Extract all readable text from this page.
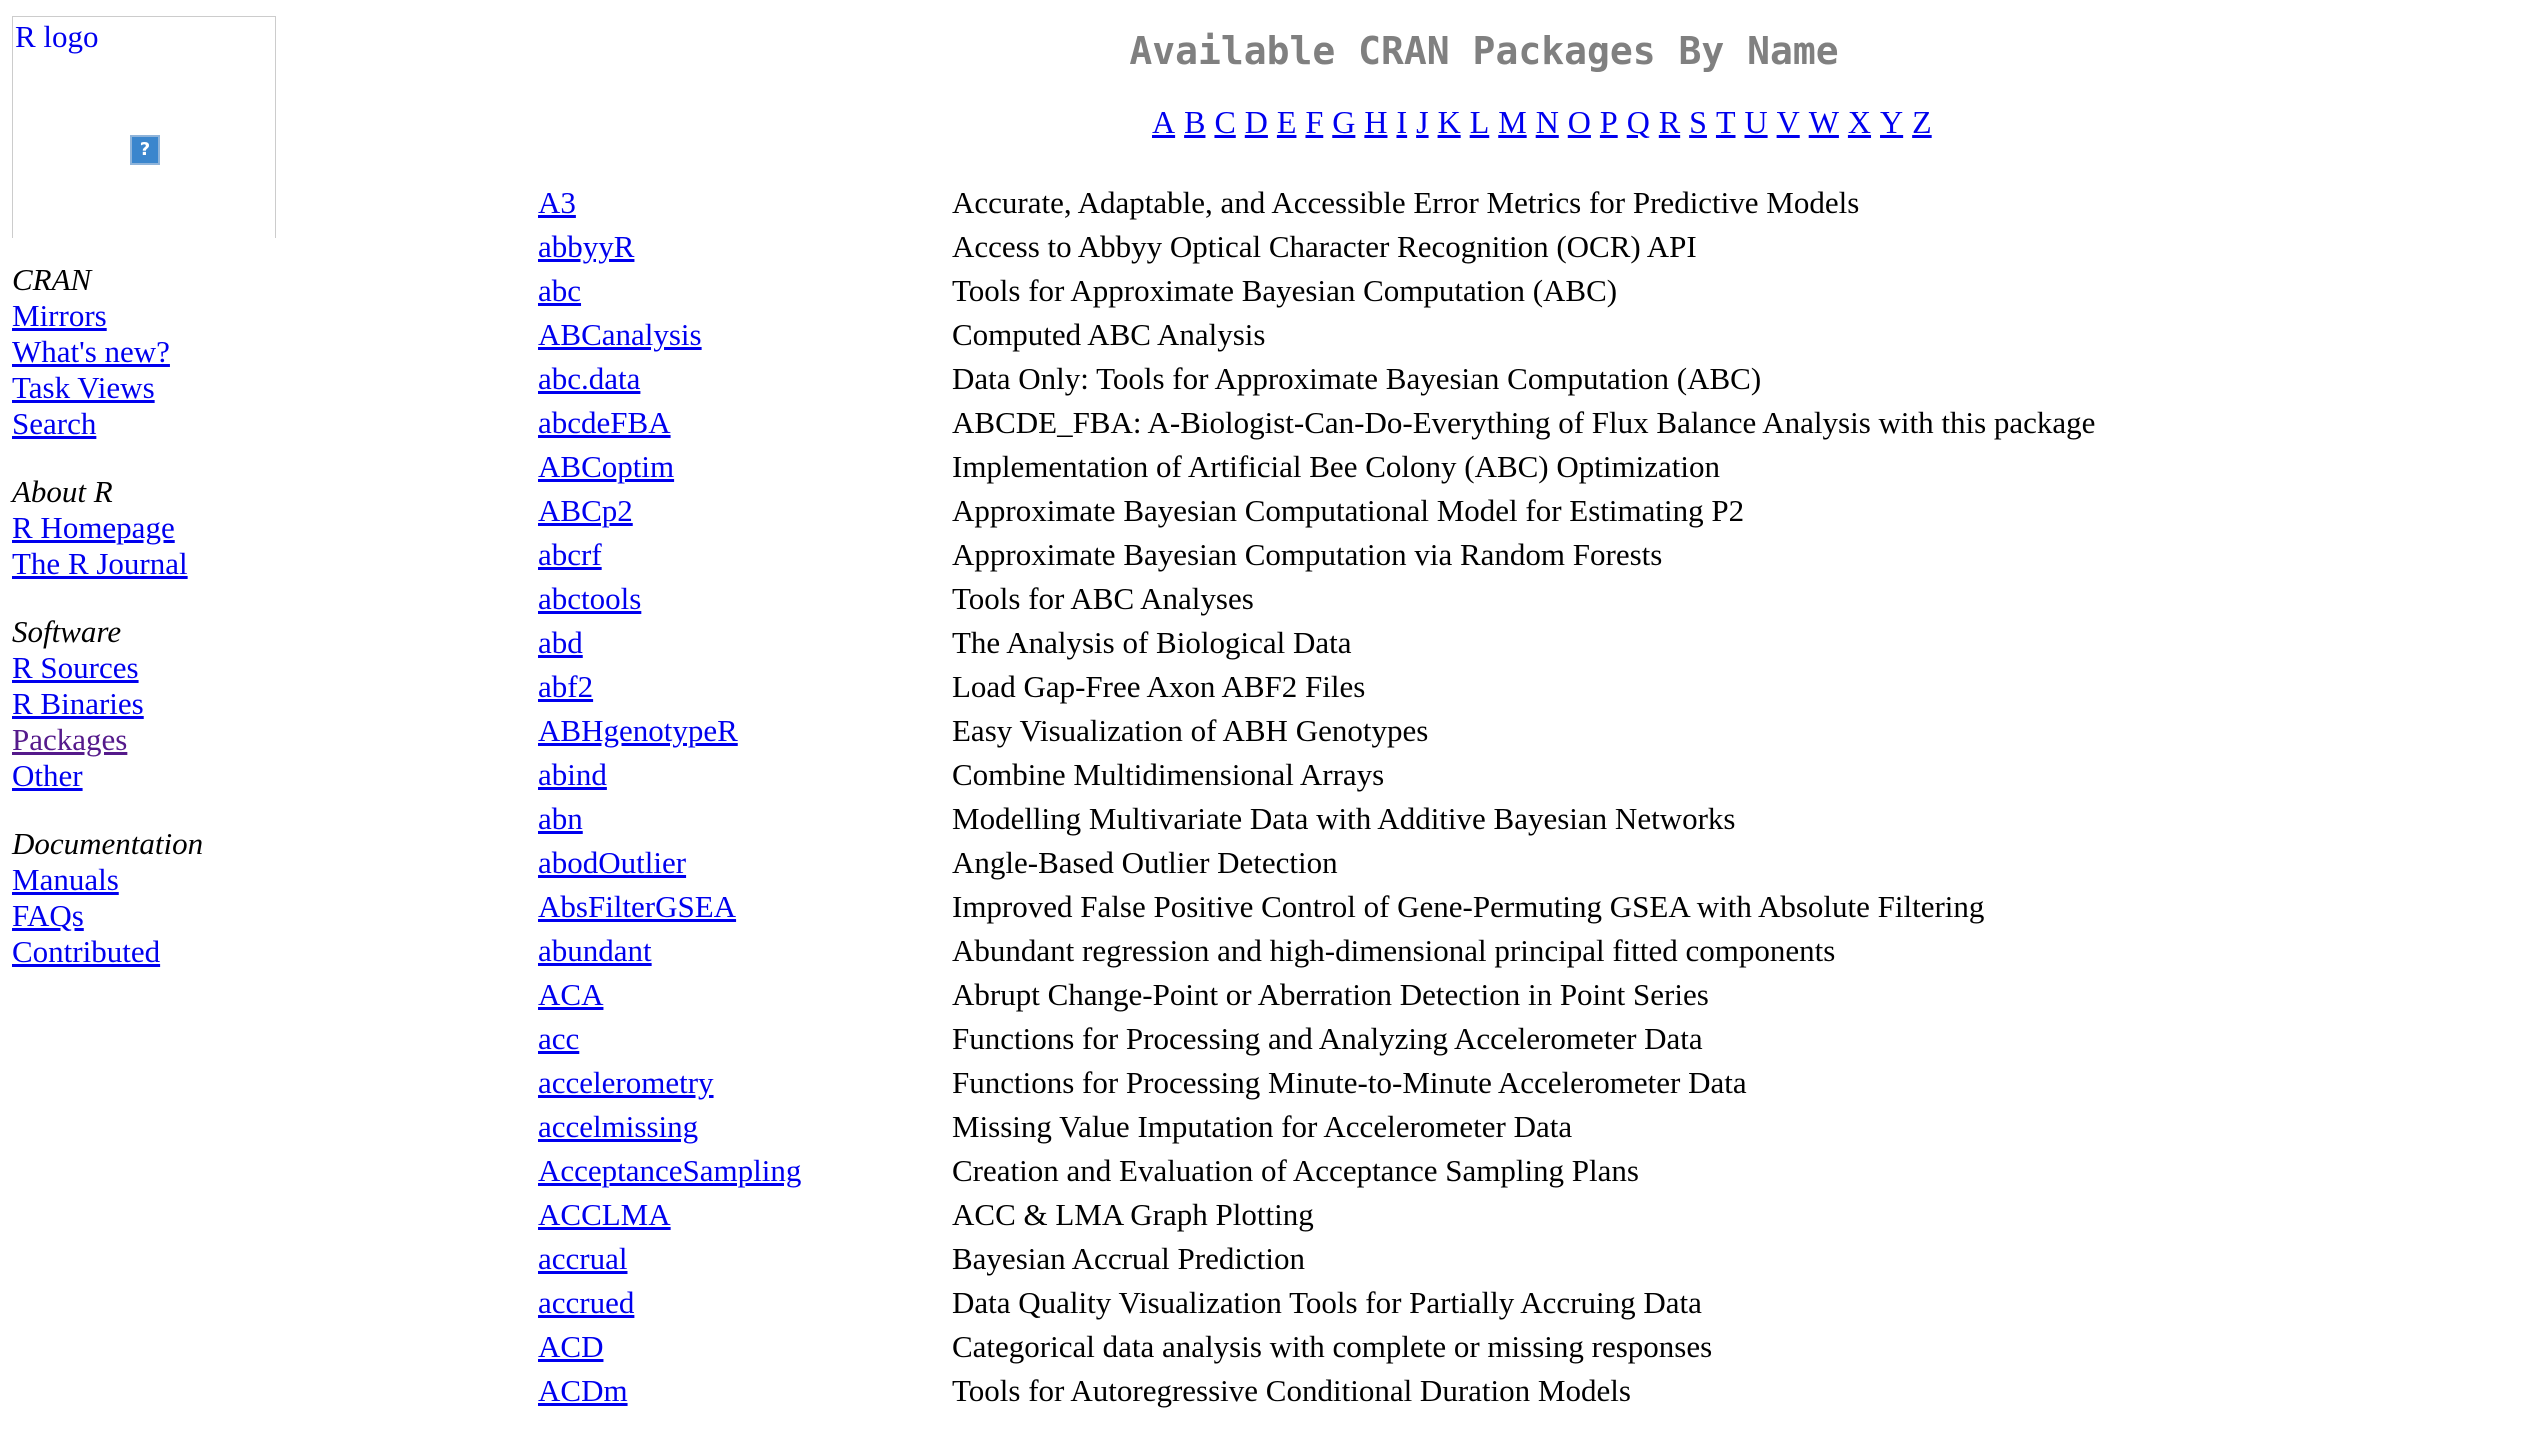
R logo
?
CRAN
Mirrors
What's new?
Task Views
Search
About R
R Homepage
The R Journal
Software
R Sources
R Binaries
Packages
Other
Documentation
Manuals
FAQs
Contributed
Available CRAN Packages By Name
A B C D E F G H I J K L M N O P Q R S T U V W X Y Z
A3	Accurate, Adaptable, and Accessible Error Metrics for Predictive Models
abbyyR	Access to Abbyy Optical Character Recognition (OCR) API
abc	Tools for Approximate Bayesian Computation (ABC)
ABCanalysis	Computed ABC Analysis
abc.data	Data Only: Tools for Approximate Bayesian Computation (ABC)
abcdeFBA	ABCDE_FBA: A-Biologist-Can-Do-Everything of Flux Balance Analysis with this package
ABCoptim	Implementation of Artificial Bee Colony (ABC) Optimization
ABCp2	Approximate Bayesian Computational Model for Estimating P2
abcrf	Approximate Bayesian Computation via Random Forests
abctools	Tools for ABC Analyses
abd	The Analysis of Biological Data
abf2	Load Gap-Free Axon ABF2 Files
ABHgenotypeR	Easy Visualization of ABH Genotypes
abind	Combine Multidimensional Arrays
abn	Modelling Multivariate Data with Additive Bayesian Networks
abodOutlier	Angle-Based Outlier Detection
AbsFilterGSEA	Improved False Positive Control of Gene-Permuting GSEA with Absolute Filtering
abundant	Abundant regression and high-dimensional principal fitted components
ACA	Abrupt Change-Point or Aberration Detection in Point Series
acc	Functions for Processing and Analyzing Accelerometer Data
accelerometry	Functions for Processing Minute-to-Minute Accelerometer Data
accelmissing	Missing Value Imputation for Accelerometer Data
AcceptanceSampling	Creation and Evaluation of Acceptance Sampling Plans
ACCLMA	ACC & LMA Graph Plotting
accrual	Bayesian Accrual Prediction
accrued	Data Quality Visualization Tools for Partially Accruing Data
ACD	Categorical data analysis with complete or missing responses
ACDm	Tools for Autoregressive Conditional Duration Models
